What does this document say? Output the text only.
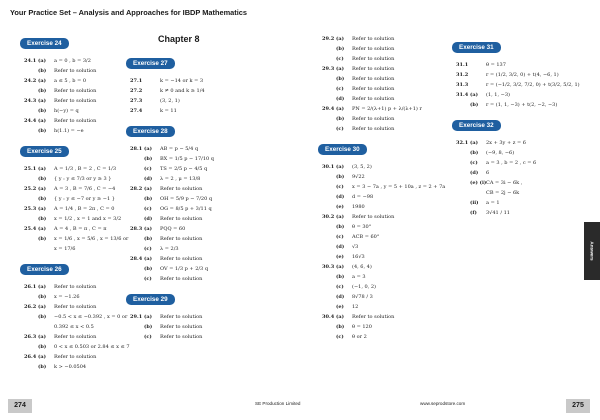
Your Practice Set – Analysis and Approaches for IBDP Mathematics
Chapter 8
Exercise 24
24.1 (a) a = 0 , b = 3/2
(b) Refer to solution
24.2 (a) a ≤ 5 , b = 0
(b) Refer to solution
24.3 (a) Refer to solution
(b) h(−y) = q
24.4 (a) Refer to solution
(b) h(1.1) = −e
Exercise 25
25.1 (a) A = 1/3 , B = 2 , C = 1/3
(b) { y : y ≤ 7/3 or y ≥ 3 }
25.2 (a) A = 3 , B = 7/6 , C = −4
(b) { y : y ≤ −7 or y ≥ −1 }
25.3 (a) A = 1/4 , B = 2π , C = 0
(b) x = 1/2 , x = 1 and x = 3/2
25.4 (a) A = 4 , B = π , C = π
(b) x = 1/6 , x = 5/6 , x = 13/6 or
x = 17/6
Exercise 26
26.1 (a) Refer to solution
(b) x = −1.26
26.2 (a) Refer to solution
(b) −0.5 < x ≤ −0.392 , x = 0 or
0.392 ≤ x < 0.5
26.3 (a) Refer to solution
(b) 0 < x ≤ 0.503 or 2.84 ≤ x ≤ 7
26.4 (a) Refer to solution
(b) k > −0.0504
Exercise 27
27.1	k = −14 or k = 3
27.2	k ≠ 0 and k ≥ 1/4
27.3	(3, 2, 1)
27.4	k = 11
Exercise 28
28.1 (a) AB = p − 5/4 q
(b) BX = 1/5 p − 17/10 q
(c) TS = 2/5 p − 4/5 q
(d) λ = 2 , μ = 13/8
28.2 (a) Refer to solution
(b) OH = 5/9 p − 7/20 q
(c) OG = 8/5 p + 3/11 q
(d) Refer to solution
28.3 (a) PQQ = 60
(b) Refer to solution
(c) λ = 2/3
28.4 (a) Refer to solution
(b) OV = 1/3 p + 2/3 q
(c) Refer to solution
Exercise 29
29.1 (a) Refer to solution
(b) Refer to solution
(c) Refer to solution
29.2 (a) Refer to solution
(b) Refer to solution
(c) Refer to solution
29.3 (a) Refer to solution
(b) Refer to solution
(c) Refer to solution
(d) Refer to solution
29.4 (a) PN = 2/(λ+1) p + λ/(λ+1) r
(b) Refer to solution
(c) Refer to solution
Exercise 30
30.1 (a) (3, 5, 2)
(b) 9√22
(c) x = 3 − 7a , y = 5 + 10a , z = 2 + 7a
(d) d = −98
(e) 1980
30.2 (a) Refer to solution
(b) θ = 30°
(c) ACB = 60°
(d) √3
(e) 16√3
30.3 (a) (4, 6, 4)
(b) a = 3
(c) (−1, 0, 2)
(d) 8√78 / 3
(e) 12
30.4 (a) Refer to solution
(b) θ = 120
(c) θ or 2
Exercise 31
31.1	θ = 137
31.2	r = (1/2, 3/2, 0) + t(4, −6, 1)
31.3	r = (−1/2, 3/2, 7/2, 0) + t(3/2, 5/2, 1)
31.4 (a) (1, 1, −3)
(b) r = (1, 1, −3) + t(2, −2, −3)
Exercise 32
32.1 (a) 2x + 3y + z = 6
(b) (−9, 8, −6)
(c) a = 3 , b = 2 , c = 6
(d) 6
(e) (i) CA = 3i − 6k ,
CB = 2j − 6k
(ii) a = 1
(f) 3√41 / 11
Answers
274	275
SE Production Limited	www.seprodstore.com
